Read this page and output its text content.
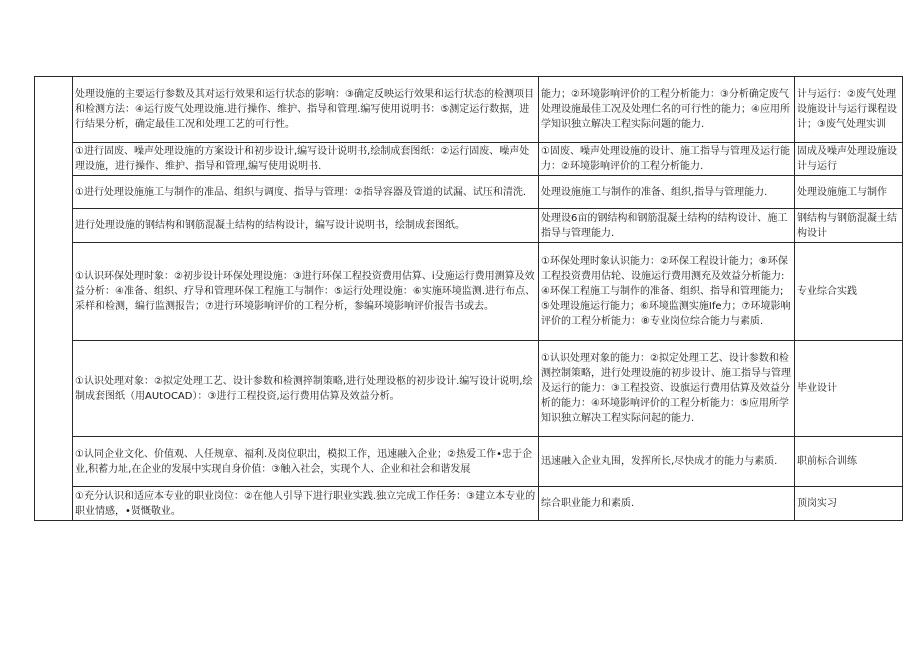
	处理设施的主要运行参数及其对运行效果和运行状态的影响：③确定反映运行效果和运行状态的检测项目和检测方法：④运行废气处理设施.进行操作、维护、指导和管理.编写使用说明书：⑤测定运行数据，进行结果分析，确定最佳工况和处理工艺的可行性。	能力；②环境影响评价的工程分析能力：③分析确定废气处理设施最佳工况及处理仁名的可行性的能力；④应用所学知识独立解决工程实际问题的能力.	计与运行：②废气处理设施设计与运行课程设计；③废气处理实训
	①进行固废、噪声处理设施的方案设计和初步设计,编写设计说明书,绘制成套图纸：②运行固废、噪声处理设施，进行操作、维护、指导和管理,编写使用说明书.	①固废、噪声处理设施的设计、施工指导与管理及运行能力：②环境影响评价的工程分析能力.	固成及噪声处理设施设计与运行
	①进行处理设施施工与制作的准品、组织与调度、指导与管理：②指导容器及管道的试漏、试压和清洗.	处理设施施工与制作的准备、组织,指导与管理能力.	处理设施施工与制作
	进行处理设施的钢结构和钢筋混凝土结构的结构设计，编写设计说明书，绘制成套图纸。	处理设6亩的钢结构和钢筋混凝土结构的结构设计、施工指导与管理能力.	钢结构与钢筋混凝土结构设计
	①认识环保处理时象：②初步设计环保处理设施：③进行环保工程投资费用估算、i殳施运行费用测算及效益分析：④准备、组织、疗导和管理环保工程施工与制作：⑤运行处理设施：⑥实施环境监测.进行布点、采样和检测，编行监测报告；⑦进行环境影响评价的工程分析，参编环境影响评价报告书或去。	①环保处理时象认识能力：②环保工程设计能力；⑧环保工程投资费用估轮、设施运行费用测充及效益分析能力:④环保工程施工与制作的准备、组织、指导和管理能力;⑤处理设施运行能力；⑥环境监测实施Ife力；⑦环境影响评价的工程分析能力：⑧专业岗位综合能力与素质.	专业综合实践
	①认识处理对象：②拟定处理工艺、设计参数和检测捽制策略,进行处理设柩的初步设计.编写设计说明,绘制成套图纸（用AUtOCAD）：③进行工程投资,运行费用估算及效益分析。	①认识处理对象的能力：②拟定处理工艺、设计参数和检测控制策略，进行处理设施的初步设计、施工指导与管理及运行的能力：③工程投资、设旗运行费用估算及效益分析的能力：④环境影响评价的工程分析能力：⑤应用所学知识独立解决工程实际问起的能力.	毕业设计
	①认同企业文化、价值观、人任规章、福利.及岗位职岀，模拟工作，迅速融入企业；②热爱工作•忠于企业,积蓄力址,在企业的发展中实现自身价值：③触入社会，实现个人、企业和社会和谐发展	迅速融入企业丸围，发挥所长,尽快成才的能力与素质.	职前标合训练
	①充分认识和适应本专业的职业岗位：②在他人引导下进行职业实践.独立完成工作任务：③建立本专业的职业情感，•贤慨敬业。	综合职业能力和素质.	顶岗实习
